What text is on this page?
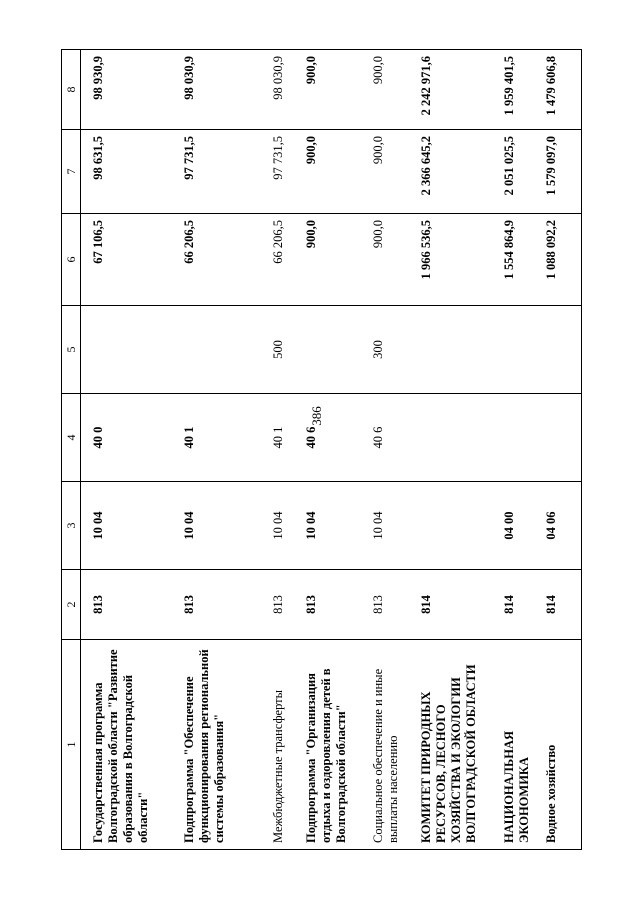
386
1	2	3	4	5	6	7	8
Государственная программа Волгоградской области "Развитие образования в Волгоградской области"	813	10 04	40 0		67 106,5	98 631,5	98 930,9
Подпрограмма "Обеспечение функционирования региональной системы образования"	813	10 04	40 1		66 206,5	97 731,5	98 030,9
Межбюджетные трансферты	813	10 04	40 1	500	66 206,5	97 731,5	98 030,9
Подпрограмма "Организация отдыха и оздоровления детей в Волгоградской области"	813	10 04	40 6		900,0	900,0	900,0
Социальное обеспечение и иные выплаты населению	813	10 04	40 6	300	900,0	900,0	900,0
КОМИТЕТ ПРИРОДНЫХ РЕСУРСОВ, ЛЕСНОГО ХОЗЯЙСТВА И ЭКОЛОГИИ ВОЛГОГРАДСКОЙ ОБЛАСТИ	814				1 966 536,5	2 366 645,2	2 242 971,6
НАЦИОНАЛЬНАЯ ЭКОНОМИКА	814	04 00			1 554 864,9	2 051 025,5	1 959 401,5
Водное хозяйство	814	04 06			1 088 092,2	1 579 097,0	1 479 606,8
